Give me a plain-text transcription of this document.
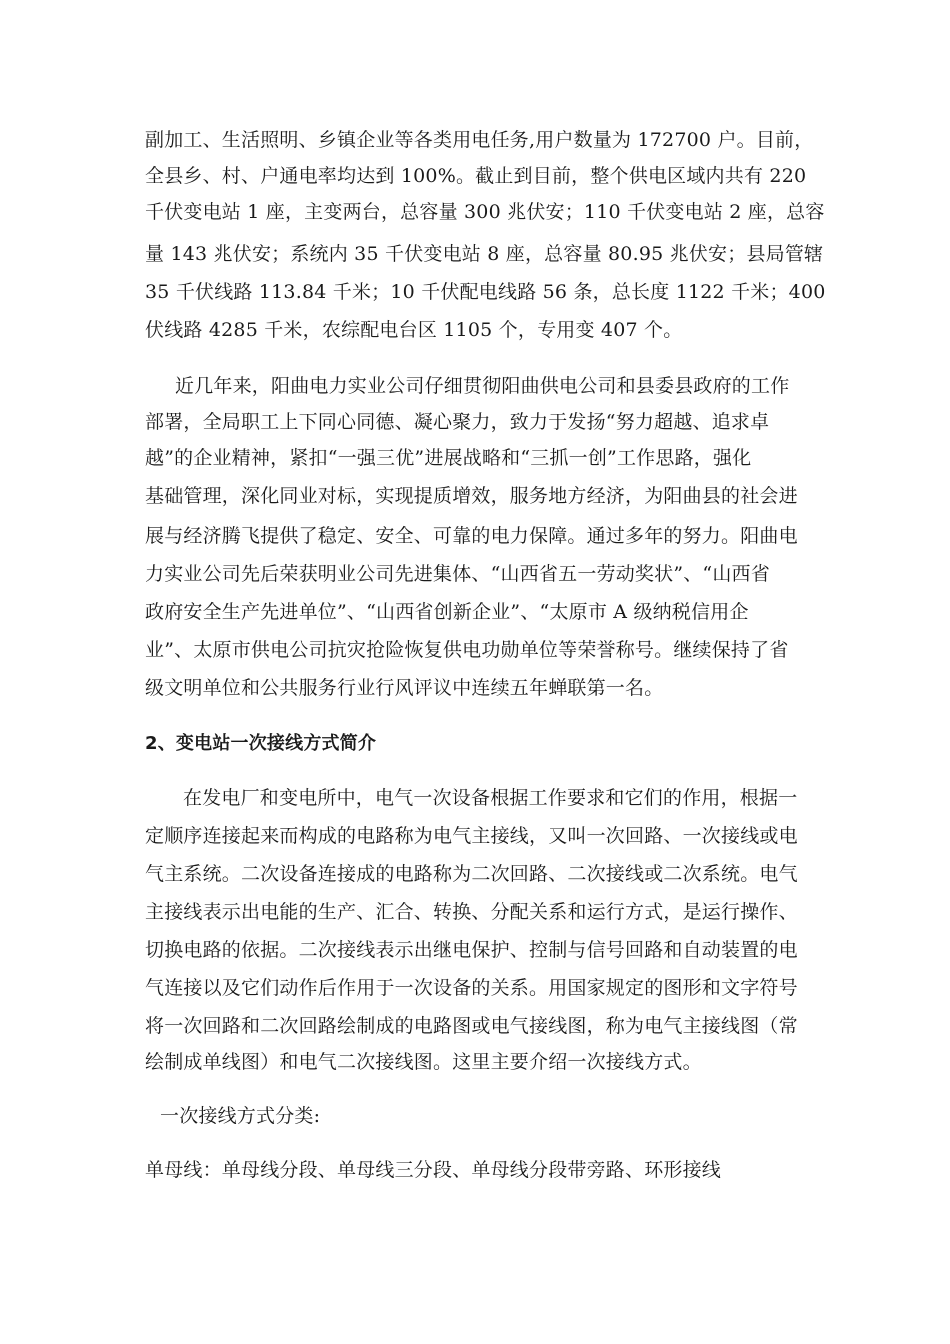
副加工、生活照明、乡镇企业等各类用电任务,用户数量为 172700 户。目前，
全县乡、村、户通电率均达到 100%。截止到目前，整个供电区域内共有 220
千伏变电站 1 座，主变两台，总容量 300 兆伏安；110 千伏变电站 2 座，总容
量 143 兆伏安；系统内 35 千伏变电站 8 座，总容量 80.95 兆伏安；县局管辖
35 千伏线路 113.84 千米；10 千伏配电线路 56 条，总长度 1122 千米；400
伏线路 4285 千米，农综配电台区 1105 个，专用变 407 个。
近几年来，阳曲电力实业公司仔细贯彻阳曲供电公司和县委县政府的工作
部署，全局职工上下同心同德、凝心聚力，致力于发扬“努力超越、追求卓
越”的企业精神，紧扣“一强三优”进展战略和“三抓一创”工作思路，强化
基础管理，深化同业对标，实现提质增效，服务地方经济，为阳曲县的社会进
展与经济腾飞提供了稳定、安全、可靠的电力保障。通过多年的努力。阳曲电
力实业公司先后荣获明业公司先进集体、“山西省五一劳动奖状”、“山西省
政府安全生产先进单位”、“山西省创新企业”、“太原市 A 级纳税信用企
业”、太原市供电公司抗灾抢险恢复供电功勋单位等荣誉称号。继续保持了省
级文明单位和公共服务行业行风评议中连续五年蝉联第一名。
2、变电站一次接线方式简介
在发电厂和变电所中，电气一次设备根据工作要求和它们的作用，根据一
定顺序连接起来而构成的电路称为电气主接线，又叫一次回路、一次接线或电
气主系统。二次设备连接成的电路称为二次回路、二次接线或二次系统。电气
主接线表示出电能的生产、汇合、转换、分配关系和运行方式，是运行操作、
切换电路的依据。二次接线表示出继电保护、控制与信号回路和自动装置的电
气连接以及它们动作后作用于一次设备的关系。用国家规定的图形和文字符号
将一次回路和二次回路绘制成的电路图或电气接线图，称为电气主接线图（常
绘制成单线图）和电气二次接线图。这里主要介绍一次接线方式。
一次接线方式分类:
单母线：单母线分段、单母线三分段、单母线分段带旁路、环形接线
